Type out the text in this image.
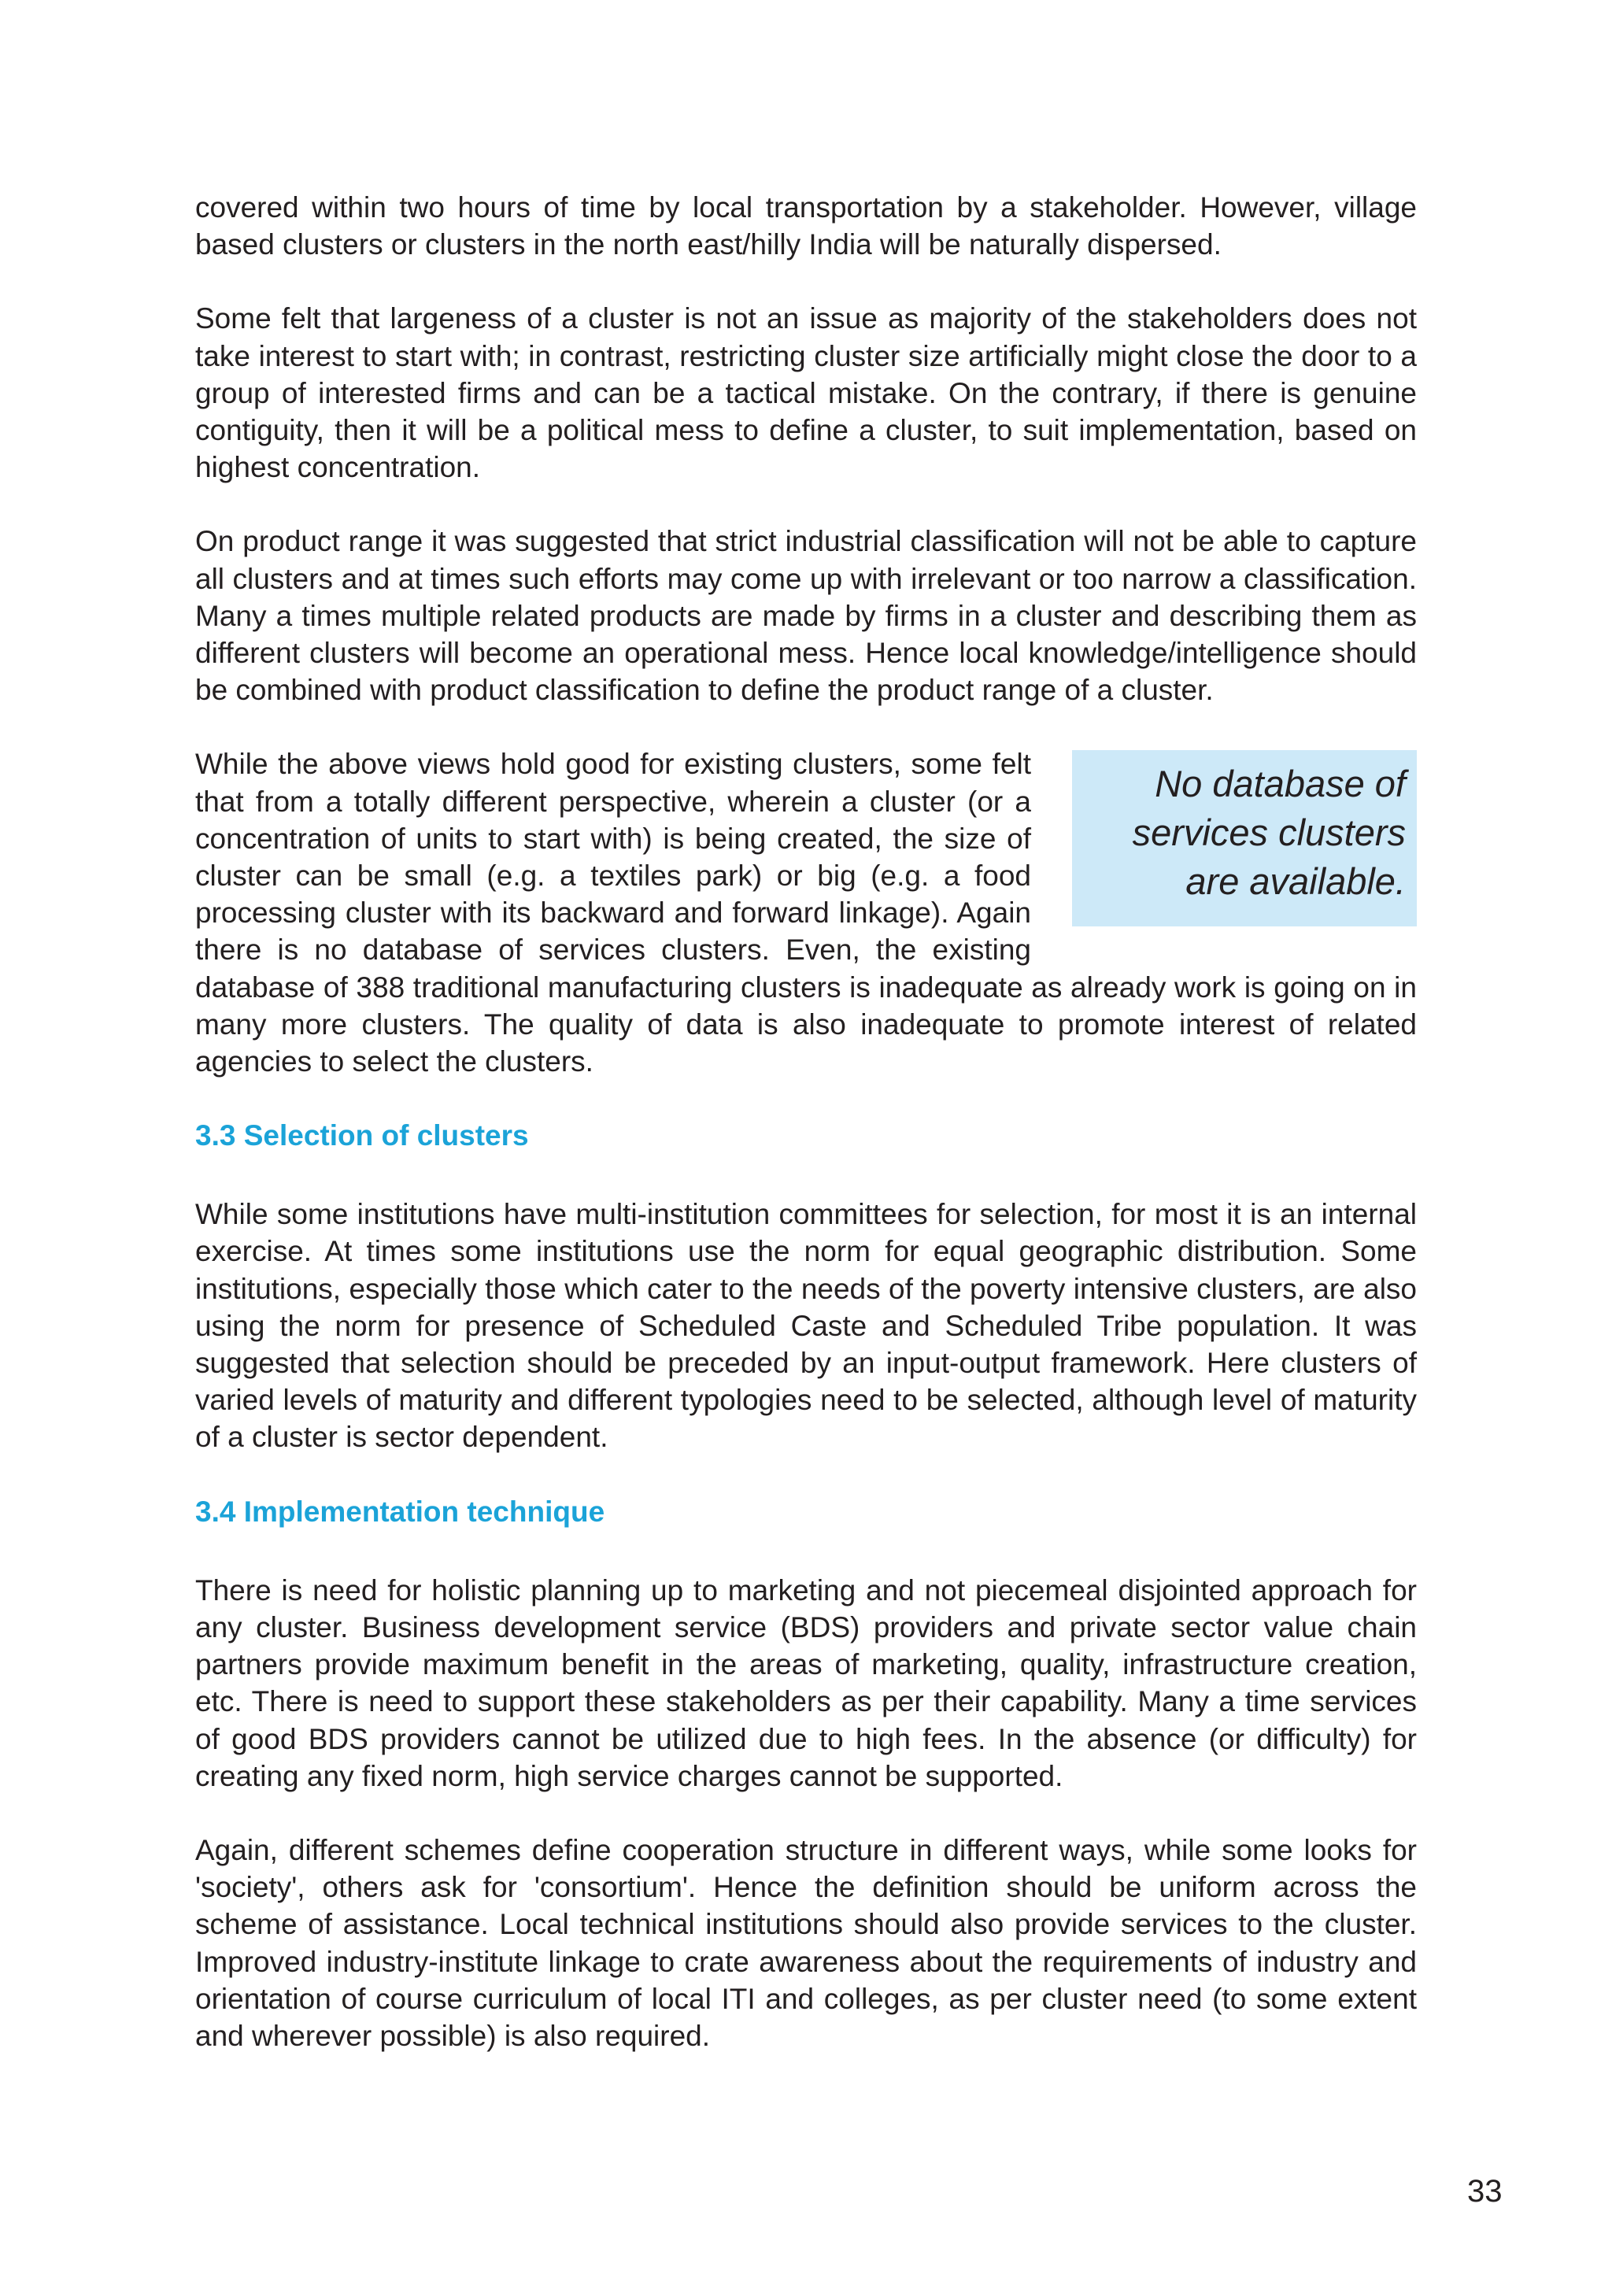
covered within two hours of time by local transportation by a stakeholder. However, village based clusters or clusters in the north east/hilly India will be naturally dispersed.

Some felt that largeness of a cluster is not an issue as majority of the stakeholders does not take interest to start with; in contrast, restricting cluster size artificially might close the door to a group of interested firms and can be a tactical mistake. On the contrary, if there is genuine contiguity, then it will be a political mess to define a cluster, to suit implementation, based on highest concentration.

On product range it was suggested that strict industrial classification will not be able to capture all clusters and at times such efforts may come up with irrelevant or too narrow a classification. Many a times multiple related products are made by firms in a cluster and describing them as different clusters will become an operational mess. Hence local knowledge/intelligence should be combined with product classification to define the product range of a cluster.

No database of
services clusters
are available.

While the above views hold good for existing clusters, some felt that from a totally different perspective, wherein a cluster (or a concentration of units to start with) is being created, the size of cluster can be small (e.g. a textiles park) or big (e.g. a food processing cluster with its backward and forward linkage). Again there is no database of services clusters. Even, the existing database of 388 traditional manufacturing clusters is inadequate as already work is going on in many more clusters. The quality of data is also inadequate to promote interest of related agencies to select the clusters.

3.3 Selection of clusters

While some institutions have multi-institution committees for selection, for most it is an internal exercise. At times some institutions use the norm for equal geographic distribution. Some institutions, especially those which cater to the needs of the poverty intensive clusters, are also using the norm for presence of Scheduled Caste and Scheduled Tribe population. It was suggested that selection should be preceded by an input-output framework. Here clusters of varied levels of maturity and different typologies need to be selected, although level of maturity of a cluster is sector dependent.

3.4 Implementation technique

There is need for holistic planning up to marketing and not piecemeal disjointed approach for any cluster. Business development service (BDS) providers and private sector value chain partners provide maximum benefit in the areas of marketing, quality, infrastructure creation, etc. There is need to support these stakeholders as per their capability. Many a time services of good BDS providers cannot be utilized due to high fees. In the absence (or difficulty) for creating any fixed norm, high service charges cannot be supported.

Again, different schemes define cooperation structure in different ways, while some looks for 'society', others ask for 'consortium'. Hence the definition should be uniform across the scheme of assistance. Local technical institutions should also provide services to the cluster. Improved industry-institute linkage to crate awareness about the requirements of industry and orientation of course curriculum of local ITI and colleges, as per cluster need (to some extent and wherever possible) is also required.

33
